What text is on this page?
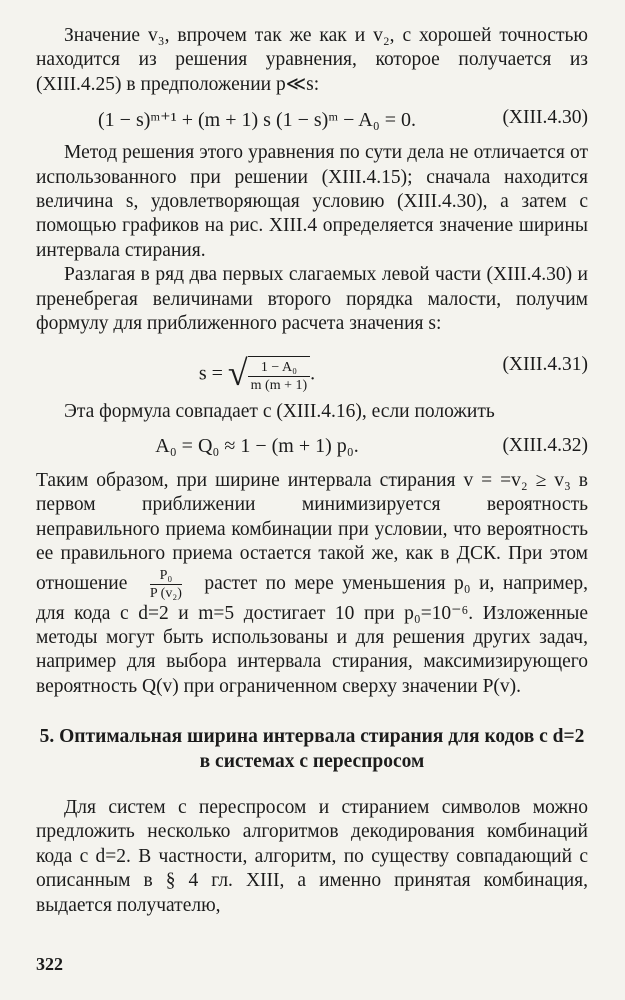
Значение v₃, впрочем так же как и v₂, с хорошей точностью находится из решения уравнения, которое получается из (XIII.4.25) в предположении p≪s:

(1 − s)ᵐ⁺¹ + (m + 1) s (1 − s)ᵐ − A₀ = 0.	(XIII.4.30)

Метод решения этого уравнения по сути дела не отличается от использованного при решении (XIII.4.15); сначала находится величина s, удовлетворяющая условию (XIII.4.30), а затем с помощью графиков на рис. XIII.4 определяется значение ширины интервала стирания.

Разлагая в ряд два первых слагаемых левой части (XIII.4.30) и пренебрегая величинами второго порядка малости, получим формулу для приближенного расчета значения s:

s = √ $\frac{\text{1 − A₀}}{m (m + 1)}$ .	(XIII.4.31)

Эта формула совпадает с (XIII.4.16), если положить

A₀ = Q₀ ≈ 1 − (m + 1) p₀.	(XIII.4.32)

Таким образом, при ширине интервала стирания v = =v₂ ≥ v₃ в первом приближении минимизируется вероятность неправильного приема комбинации при условии, что вероятность ее правильного приема остается такой же, как в ДСК. При этом отношение $\frac{\text{P₀}}{\text{P (v₂)}}$ растет по мере уменьшения p₀ и, например, для кода с d=2 и m=5 достигает 10 при p₀=10⁻⁶. Изложенные методы могут быть использованы и для решения других задач, например для выбора интервала стирания, максимизирующего вероятность Q(v) при ограниченном сверху значении P(v).

5. Оптимальная ширина интервала стирания для кодов с d=2 в системах с переспросом

Для систем с переспросом и стиранием символов можно предложить несколько алгоритмов декодирования комбинаций кода с d=2. В частности, алгоритм, по существу совпадающий с описанным в § 4 гл. XIII, а именно принятая комбинация, выдается получателю,

322
